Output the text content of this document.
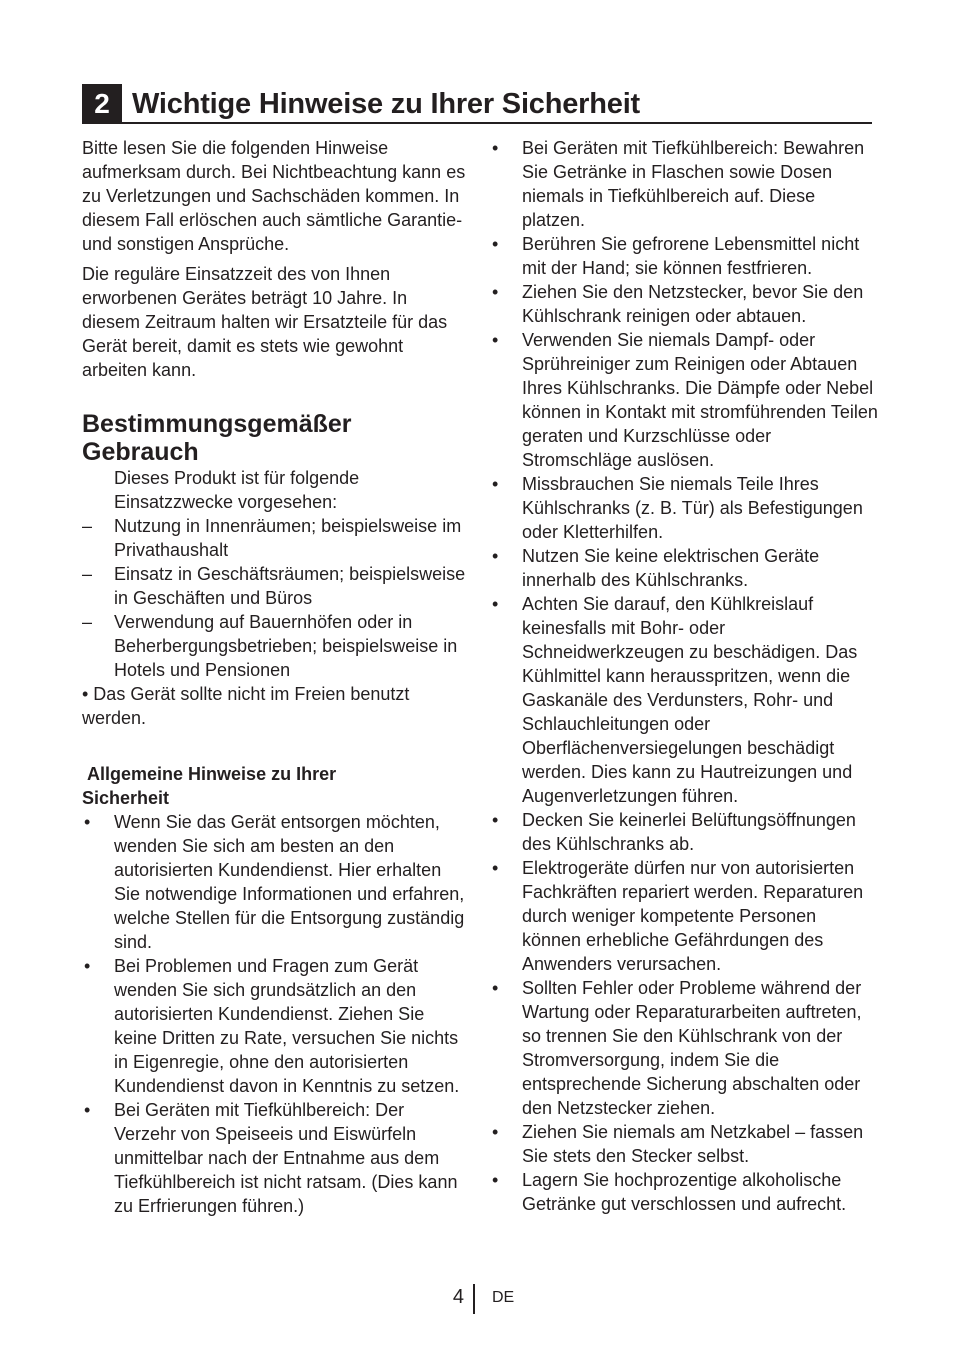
2 Wichtige Hinweise zu Ihrer Sicherheit

Bitte lesen Sie die folgenden Hinweise aufmerksam durch. Bei Nichtbeachtung kann es zu Verletzungen und Sachschäden kommen. In diesem Fall erlöschen auch sämtliche Garantie- und sonstigen Ansprüche.

Die reguläre Einsatzzeit des von Ihnen erworbenen Gerätes beträgt 10 Jahre. In diesem Zeitraum halten wir Ersatzteile für das Gerät bereit, damit es stets wie gewohnt arbeiten kann.

Bestimmungsgemäßer Gebrauch
Dieses Produkt ist für folgende Einsatzzwecke vorgesehen:
–	Nutzung in Innenräumen; beispielsweise im Privathaushalt
–	Einsatz in Geschäftsräumen; beispielsweise in Geschäften und Büros
–	Verwendung auf Bauernhöfen oder in Beherbergungsbetrieben; beispielsweise in Hotels und Pensionen

• Das Gerät sollte nicht im Freien benutzt werden.

Allgemeine Hinweise zu Ihrer Sicherheit
•	Wenn Sie das Gerät entsorgen möchten, wenden Sie sich am besten an den autorisierten Kundendienst. Hier erhalten Sie notwendige Informationen und erfahren, welche Stellen für die Entsorgung zuständig sind.
•	Bei Problemen und Fragen zum Gerät wenden Sie sich grundsätzlich an den autorisierten Kundendienst. Ziehen Sie keine Dritten zu Rate, versuchen Sie nichts in Eigenregie, ohne den autorisierten Kundendienst davon in Kenntnis zu setzen.
•	Bei Geräten mit Tiefkühlbereich: Der Verzehr von Speiseeis und Eiswürfeln unmittelbar nach der Entnahme aus dem Tiefkühlbereich ist nicht ratsam. (Dies kann zu Erfrierungen führen.)
•	Bei Geräten mit Tiefkühlbereich: Bewahren Sie Getränke in Flaschen sowie Dosen niemals in Tiefkühlbereich auf. Diese platzen.
•	Berühren Sie gefrorene Lebensmittel nicht mit der Hand; sie können festfrieren.
•	Ziehen Sie den Netzstecker, bevor Sie den Kühlschrank reinigen oder abtauen.
•	Verwenden Sie niemals Dampf- oder Sprühreiniger zum Reinigen oder Abtauen Ihres Kühlschranks. Die Dämpfe oder Nebel können in Kontakt mit stromführenden Teilen geraten und Kurzschlüsse oder Stromschläge auslösen.
•	Missbrauchen Sie niemals Teile Ihres Kühlschranks (z. B. Tür) als Befestigungen oder Kletterhilfen.
•	Nutzen Sie keine elektrischen Geräte innerhalb des Kühlschranks.
•	Achten Sie darauf, den Kühlkreislauf keinesfalls mit Bohr- oder Schneidwerkzeugen zu beschädigen. Das Kühlmittel kann herausspritzen, wenn die Gaskanäle des Verdunsters, Rohr- und Schlauchleitungen oder Oberflächenversiegelungen beschädigt werden. Dies kann zu Hautreizungen und Augenverletzungen führen.
•	Decken Sie keinerlei Belüftungsöffnungen des Kühlschranks ab.
•	Elektrogeräte dürfen nur von autorisierten Fachkräften repariert werden. Reparaturen durch weniger kompetente Personen können erhebliche Gefährdungen des Anwenders verursachen.
•	Sollten Fehler oder Probleme während der Wartung oder Reparaturarbeiten auftreten, so trennen Sie den Kühlschrank von der Stromversorgung, indem Sie die entsprechende Sicherung abschalten oder den Netzstecker ziehen.
•	Ziehen Sie niemals am Netzkabel – fassen Sie stets den Stecker selbst.
•	Lagern Sie hochprozentige alkoholische Getränke gut verschlossen und aufrecht.
4 DE
